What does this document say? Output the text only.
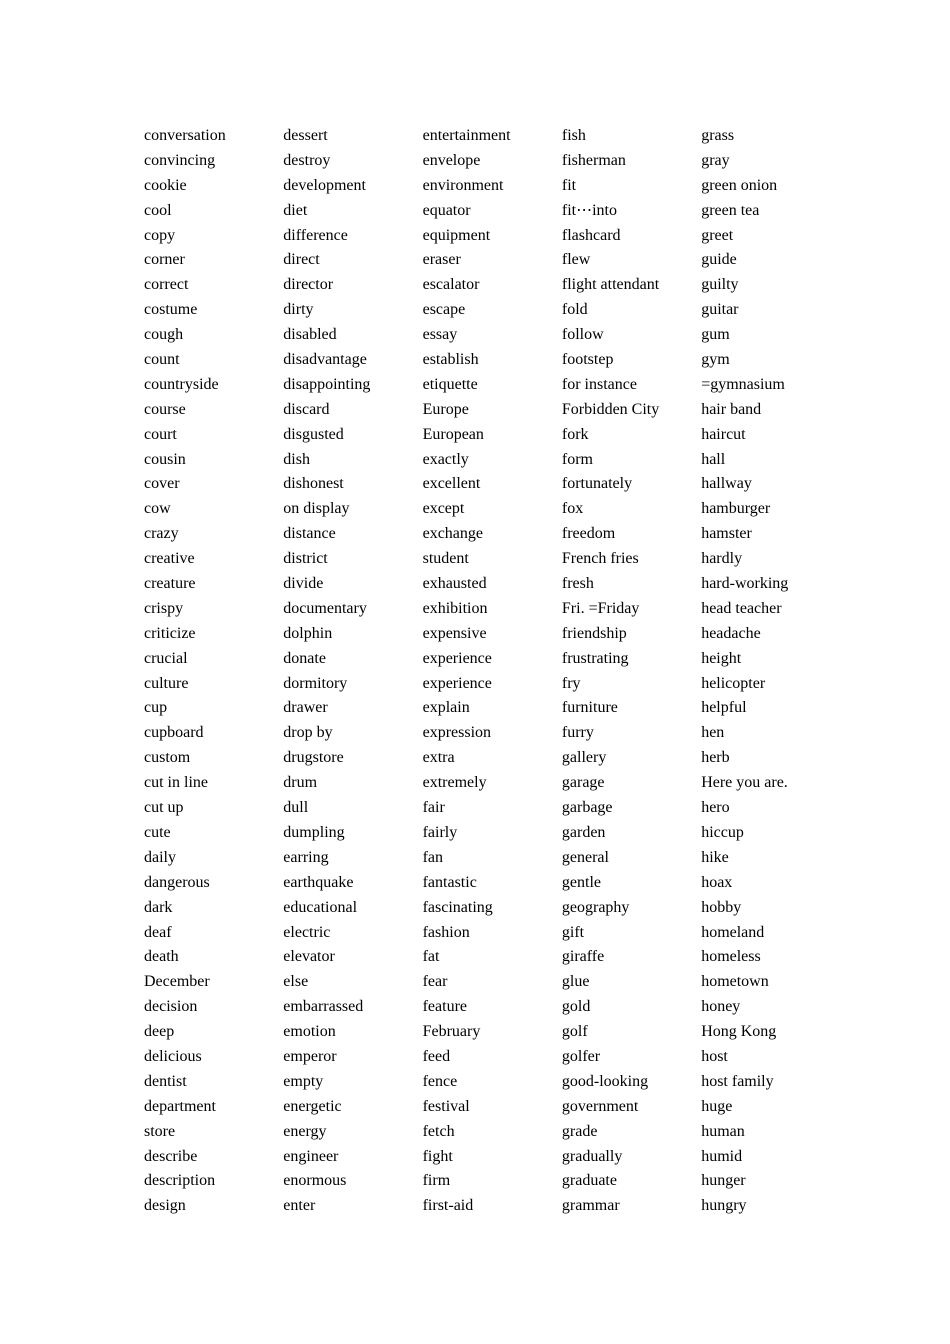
conversation
convincing
cookie
cool
copy
corner
correct
costume
cough
count
countryside
course
court
cousin
cover
cow
crazy
creative
creature
crispy
criticize
crucial
culture
cup
cupboard
custom
cut in line
cut up
cute
daily
dangerous
dark
deaf
death
December
decision
deep
delicious
dentist
department
store
describe
description
design
dessert
destroy
development
diet
difference
direct
director
dirty
disabled
disadvantage
disappointing
discard
disgusted
dish
dishonest
on display
distance
district
divide
documentary
dolphin
donate
dormitory
drawer
drop by
drugstore
drum
dull
dumpling
earring
earthquake
educational
electric
elevator
else
embarrassed
emotion
emperor
empty
energetic
energy
engineer
enormous
enter
entertainment
envelope
environment
equator
equipment
eraser
escalator
escape
essay
establish
etiquette
Europe
European
exactly
excellent
except
exchange
student
exhausted
exhibition
expensive
experience
experience
explain
expression
extra
extremely
fair
fairly
fan
fantastic
fascinating
fashion
fat
fear
feature
February
feed
fence
festival
fetch
fight
firm
first-aid
fish
fisherman
fit
fit⋯into
flashcard
flew
flight attendant
fold
follow
footstep
for instance
Forbidden City
fork
form
fortunately
fox
freedom
French fries
fresh
Fri. =Friday
friendship
frustrating
fry
furniture
furry
gallery
garage
garbage
garden
general
gentle
geography
gift
giraffe
glue
gold
golf
golfer
good-looking
government
grade
gradually
graduate
grammar
grass
gray
green onion
green tea
greet
guide
guilty
guitar
gum
gym
=gymnasium
hair band
haircut
hall
hallway
hamburger
hamster
hardly
hard-working
head teacher
headache
height
helicopter
helpful
hen
herb
Here you are.
hero
hiccup
hike
hoax
hobby
homeland
homeless
hometown
honey
Hong Kong
host
host family
huge
human
humid
hunger
hungry
